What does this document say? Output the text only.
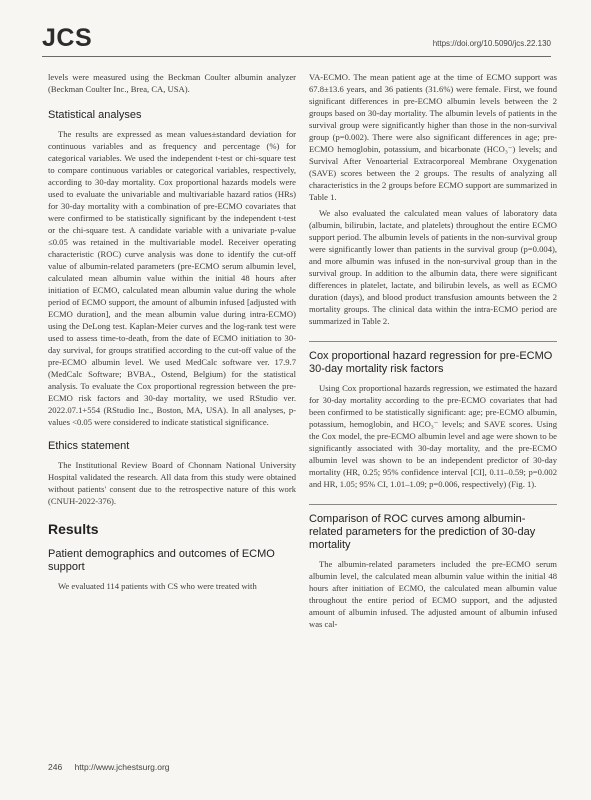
JCS	https://doi.org/10.5090/jcs.22.130

levels were measured using the Beckman Coulter albumin analyzer (Beckman Coulter Inc., Brea, CA, USA).

Statistical analyses

The results are expressed as mean values±standard deviation for continuous variables and as frequency and percentage (%) for categorical variables. We used the independent t-test or chi-square test to compare continuous variables or categorical variables, respectively, according to 30-day mortality. Cox proportional hazards models were used to evaluate the univariable and multivariable hazard ratios (HRs) for 30-day mortality with a combination of pre-ECMO covariates that were confirmed to be statistically significant by the independent t-test or the chi-square test. A candidate variable with a univariate p-value ≤0.05 was retained in the multivariable model. Receiver operating characteristic (ROC) curve analysis was done to identify the cut-off value of albumin-related parameters (pre-ECMO serum albumin level, calculated mean albumin value within the initial 48 hours after initiation of ECMO, calculated mean albumin value during the whole period of ECMO support, the amount of albumin infused [adjusted with ECMO duration], and the mean albumin value during intra-ECMO) using the DeLong test. Kaplan-Meier curves and the log-rank test were used to assess time-to-death, from the date of ECMO initiation to 30-day survival, for groups stratified according to the cut-off value of the pre-ECMO albumin level. We used MedCalc software ver. 17.9.7 (MedCalc Software; BVBA., Ostend, Belgium) for the statistical analysis. To evaluate the Cox proportional regression between the pre-ECMO risk factors and 30-day mortality, we used RStudio ver. 2022.07.1+554 (RStudio Inc., Boston, MA, USA). In all analyses, p-values <0.05 were considered to indicate statistical significance.

Ethics statement

The Institutional Review Board of Chonnam National University Hospital validated the research. All data from this study were obtained without patients' consent due to the retrospective nature of this work (CNUH-2022-376).

Results
Patient demographics and outcomes of ECMO support

We evaluated 114 patients with CS who were treated with

VA-ECMO. The mean patient age at the time of ECMO support was 67.8±13.6 years, and 36 patients (31.6%) were female. First, we found significant differences in pre-ECMO albumin levels between the 2 groups based on 30-day mortality. The albumin levels of patients in the survival group were significantly higher than those in the non-survival group (p=0.002). There were also significant differences in age; pre-ECMO hemoglobin, potassium, and bicarbonate (HCO₃⁻) levels; and Survival After Venoarterial Extracorporeal Membrane Oxygenation (SAVE) scores between the 2 groups. The results of analyzing all characteristics in the 2 groups before ECMO support are summarized in Table 1.

We also evaluated the calculated mean values of laboratory data (albumin, bilirubin, lactate, and platelets) throughout the entire ECMO support period. The albumin levels of patients in the non-survival group were significantly lower than patients in the survival group (p=0.004), and more albumin was infused in the non-survival group than in the survival group. In addition to the albumin data, there were significant differences in platelet, lactate, and bilirubin levels, as well as ECMO duration (days), and blood product transfusion amounts between the 2 mortality groups. The clinical data within the intra-ECMO period are summarized in Table 2.

Cox proportional hazard regression for pre-ECMO 30-day mortality risk factors

Using Cox proportional hazards regression, we estimated the hazard for 30-day mortality according to the pre-ECMO covariates that had been confirmed to be statistically significant: age; pre-ECMO albumin, potassium, hemoglobin, and HCO₃⁻ levels; and SAVE scores. Using the Cox model, the pre-ECMO albumin level and age were shown to be significantly associated with 30-day mortality, and the pre-ECMO albumin level was shown to be an independent predictor of 30-day mortality (HR, 0.25; 95% confidence interval [CI], 0.11–0.59; p=0.002 and HR, 1.05; 95% CI, 1.01–1.09; p=0.006, respectively) (Fig. 1).

Comparison of ROC curves among albumin-related parameters for the prediction of 30-day mortality

The albumin-related parameters included the pre-ECMO serum albumin level, the calculated mean albumin value within the initial 48 hours after initiation of ECMO, the calculated mean albumin value throughout the entire period of ECMO support, and the adjusted amount of albumin infused. The adjusted amount of albumin infused was cal-

246 http://www.jchestsurg.org
